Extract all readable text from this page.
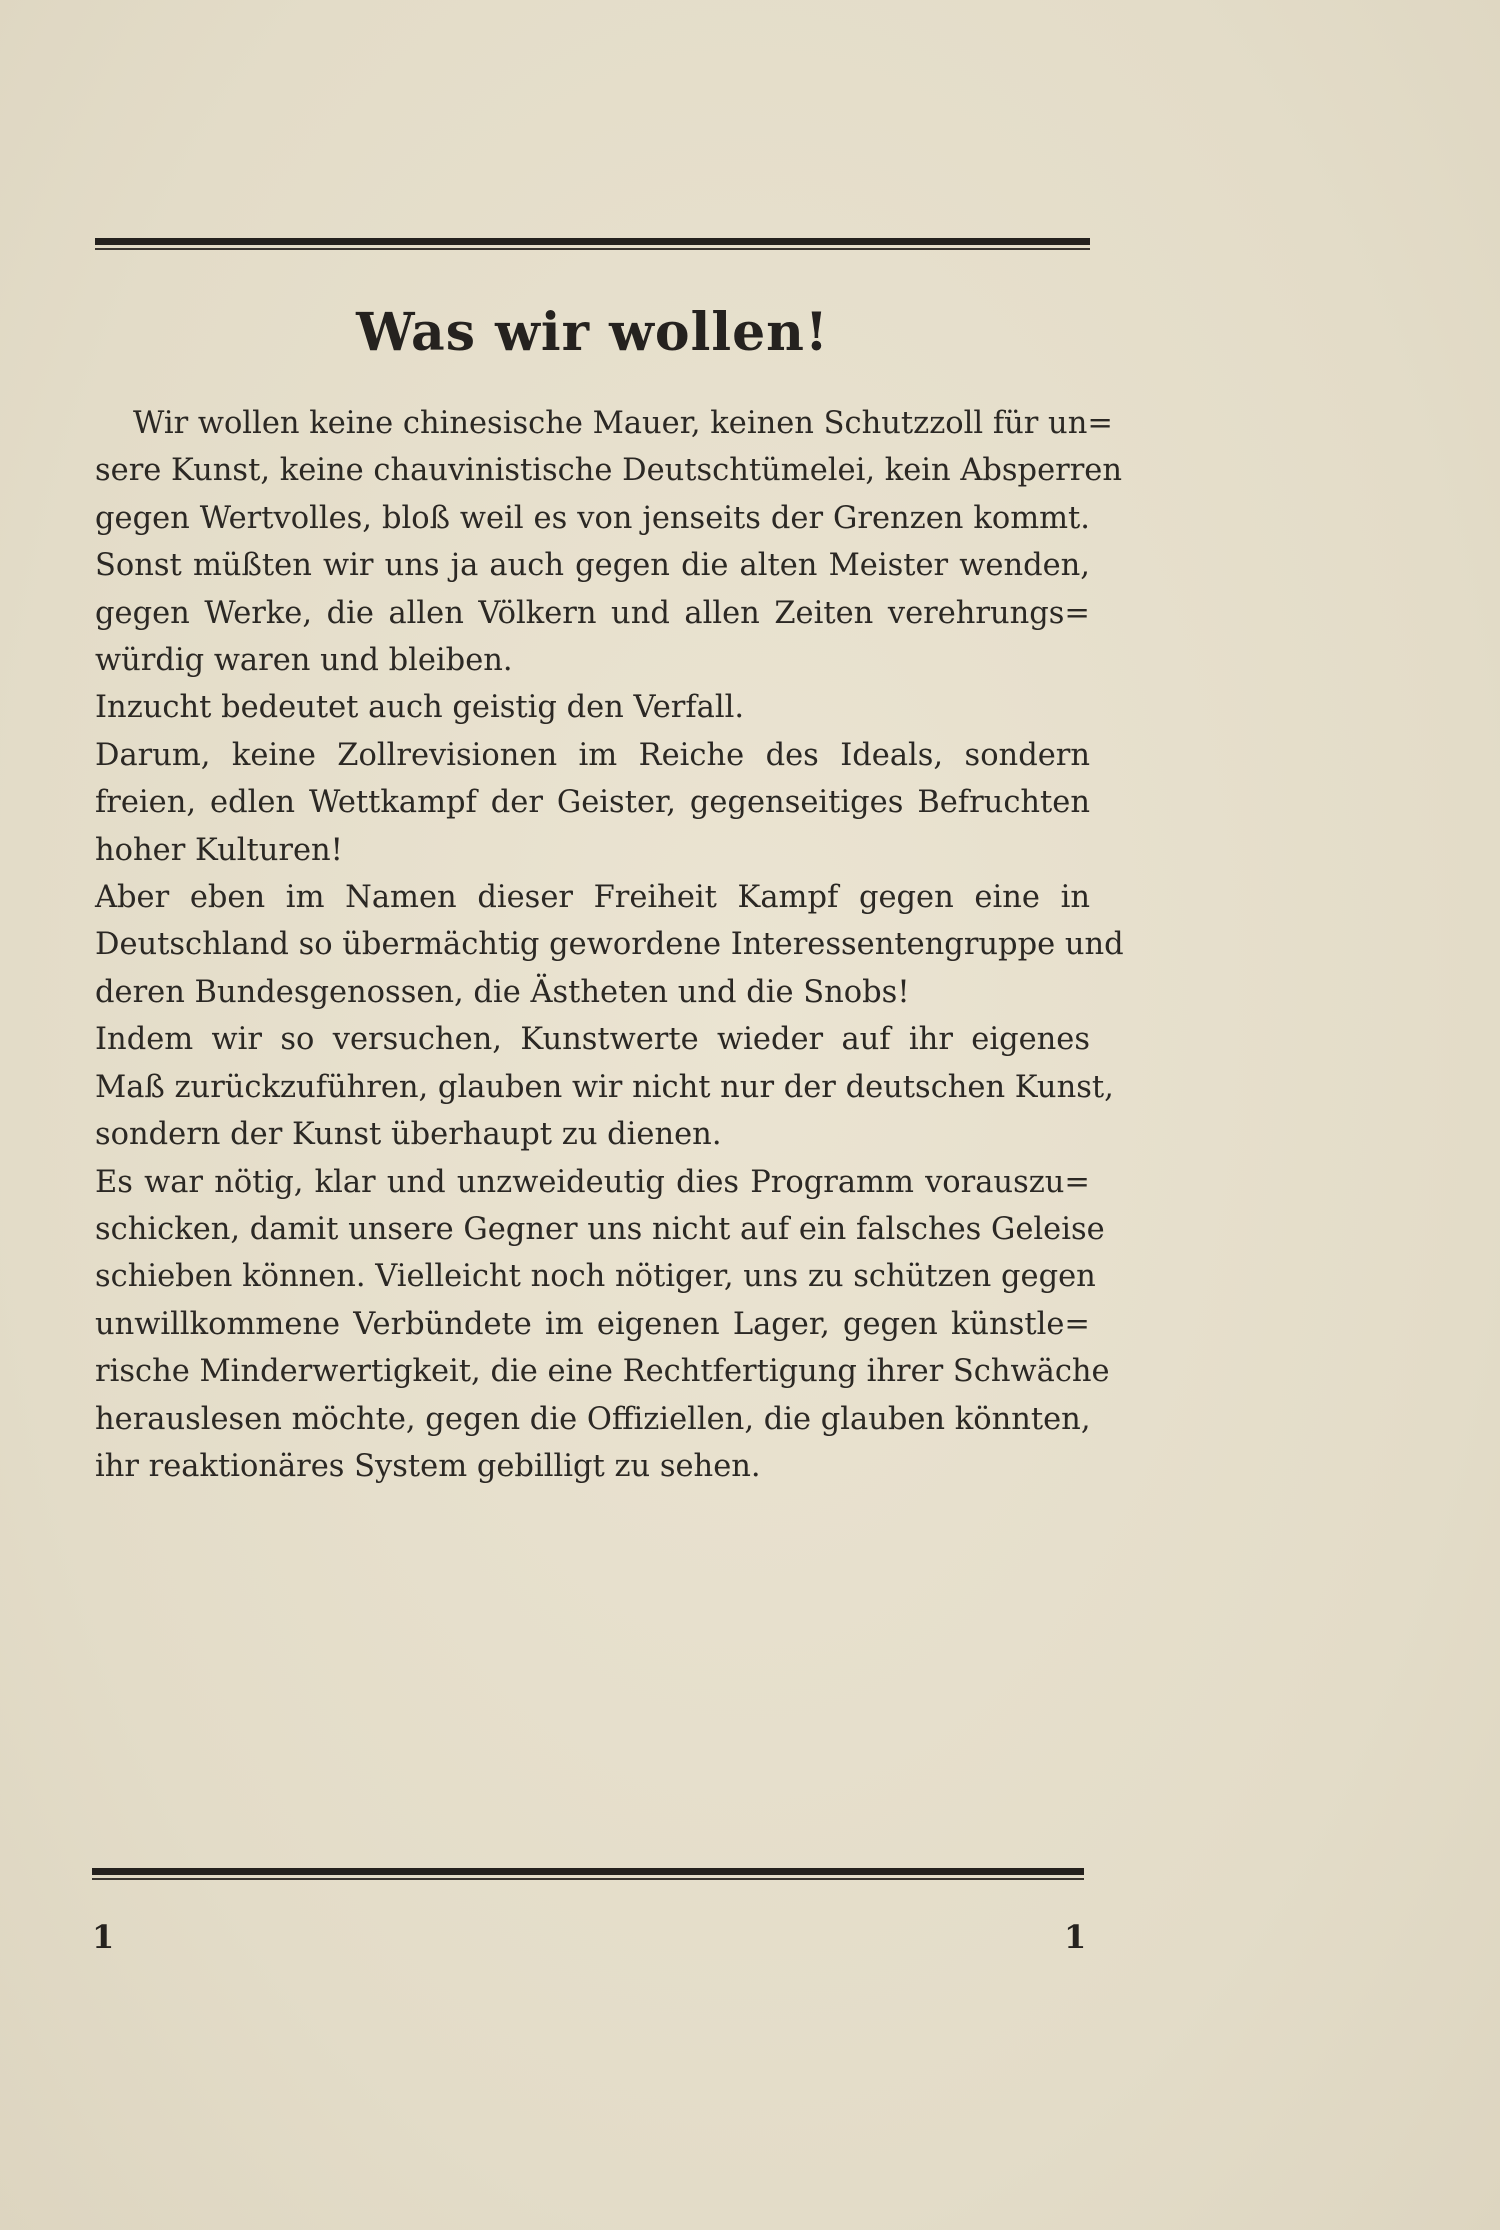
Was wir wollen!
Wir wollen keine chinesische Mauer, keinen Schutzzoll für un=
sere Kunst, keine chauvinistische Deutschtümelei, kein Absperren
gegen Wertvolles, bloß weil es von jenseits der Grenzen kommt.
Sonst müßten wir uns ja auch gegen die alten Meister wenden,
gegen Werke, die allen Völkern und allen Zeiten verehrungs=
würdig waren und bleiben.
Inzucht bedeutet auch geistig den Verfall.
Darum, keine Zollrevisionen im Reiche des Ideals, sondern
freien, edlen Wettkampf der Geister, gegenseitiges Befruchten
hoher Kulturen!
Aber eben im Namen dieser Freiheit Kampf gegen eine in
Deutschland so übermächtig gewordene Interessentengruppe und
deren Bundesgenossen, die Ästheten und die Snobs!
Indem wir so versuchen, Kunstwerte wieder auf ihr eigenes
Maß zurückzuführen, glauben wir nicht nur der deutschen Kunst,
sondern der Kunst überhaupt zu dienen.
Es war nötig, klar und unzweideutig dies Programm vorauszu=
schicken, damit unsere Gegner uns nicht auf ein falsches Geleise
schieben können. Vielleicht noch nötiger, uns zu schützen gegen
unwillkommene Verbündete im eigenen Lager, gegen künstle=
rische Minderwertigkeit, die eine Rechtfertigung ihrer Schwäche
herauslesen möchte, gegen die Offiziellen, die glauben könnten,
ihr reaktionäres System gebilligt zu sehen.
1	1
